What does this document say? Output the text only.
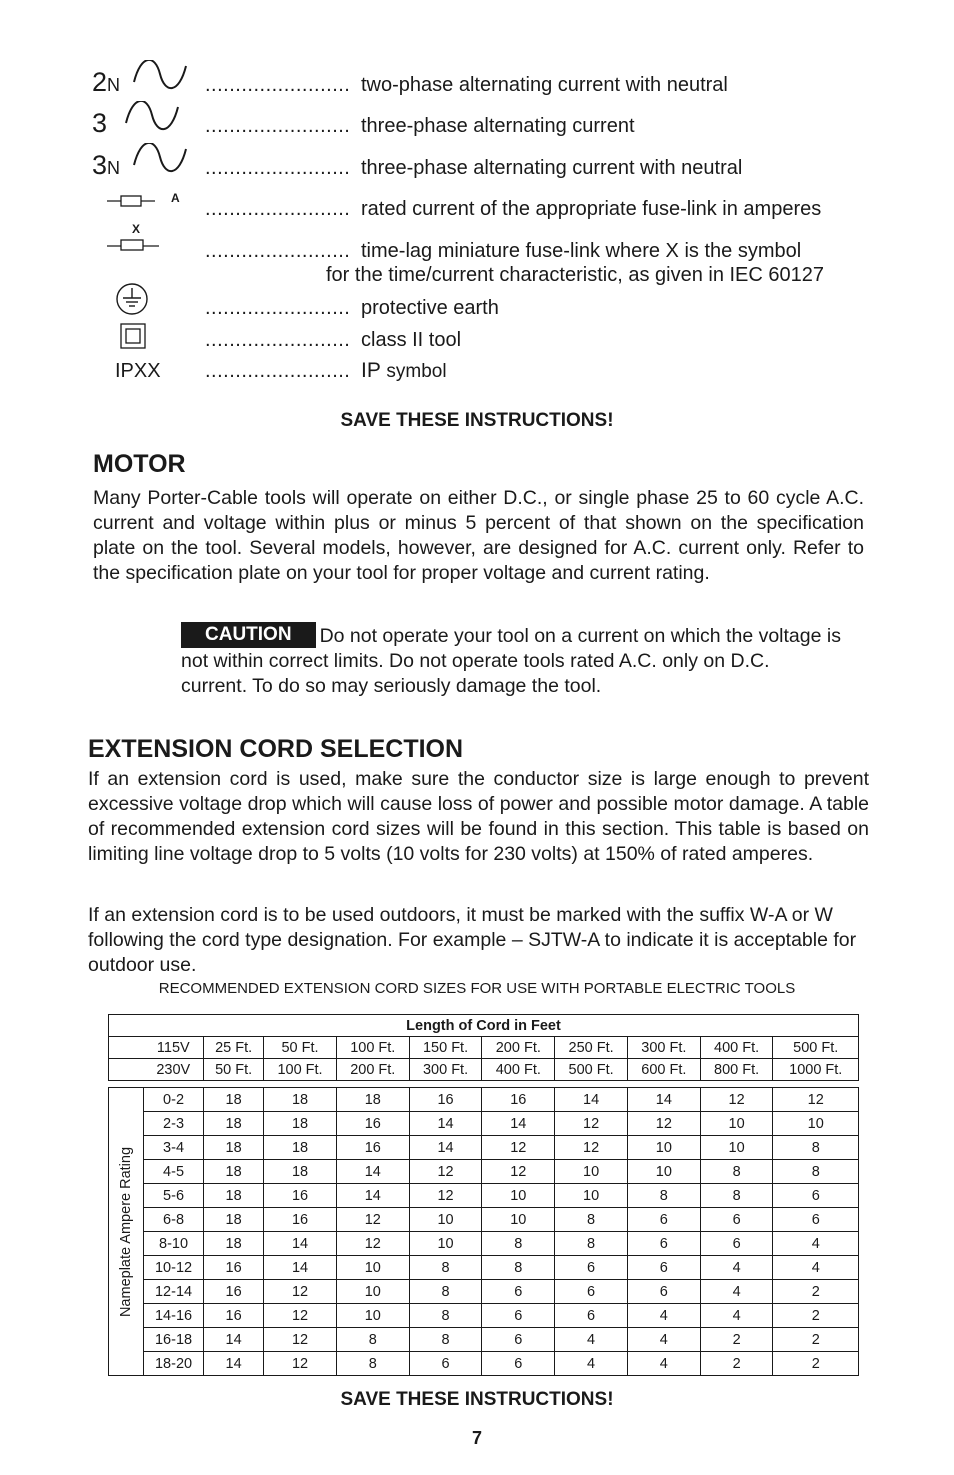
2N	........................ two-phase alternating current with neutral
3	........................ three-phase alternating current
3N	........................ three-phase alternating current with neutral
A ........................ rated current of the appropriate fuse-link in amperes
X
........................ time-lag miniature fuse-link where X is the symbol
for the time/current characteristic, as given in IEC 60127
........................ protective earth
........................ class II tool
IPXX ........................ IP symbol
SAVE THESE INSTRUCTIONS!
MOTOR

Many Porter-Cable tools will operate on either D.C., or single phase 25 to 60 cycle A.C. current and voltage within plus or minus 5 percent of that shown on the specification plate on the tool. Several models, however, are designed for A.C. current only. Refer to the specification plate on your tool for proper voltage and current rating.

CAUTION Do not operate your tool on a current on which the voltage is not within correct limits. Do not operate tools rated A.C. only on D.C. current. To do so may seriously damage the tool.
EXTENSION CORD SELECTION

If an extension cord is used, make sure the conductor size is large enough to prevent excessive voltage drop which will cause loss of power and possible motor damage. A table of recommended extension cord sizes will be found in this section. This table is based on limiting line voltage drop to 5 volts (10 volts for 230 volts) at 150% of rated amperes.

If an extension cord is to be used outdoors, it must be marked with the suffix W-A or W following the cord type designation. For example – SJTW-A to indicate it is acceptable for outdoor use.

RECOMMENDED EXTENSION CORD SIZES FOR USE WITH PORTABLE ELECTRIC TOOLS
Length of Cord in Feet										
	115V	25 Ft.	50 Ft.	100 Ft.	150 Ft.	200 Ft.	250 Ft.	300 Ft.	400 Ft.	500 Ft.
	230V	50 Ft.	100 Ft.	200 Ft.	300 Ft.	400 Ft.	500 Ft.	600 Ft.	800 Ft.	1000 Ft.

Nameplate Ampere Rating	0-2	18	18	18	16	16	14	14	12	12
	2-3	18	18	16	14	14	12	12	10	10
	3-4	18	18	16	14	12	12	10	10	8
	4-5	18	18	14	12	12	10	10	8	8
	5-6	18	16	14	12	10	10	8	8	6
	6-8	18	16	12	10	10	8	6	6	6
	8-10	18	14	12	10	8	8	6	6	4
	10-12	16	14	10	8	8	6	6	4	4
	12-14	16	12	10	8	6	6	6	4	2
	14-16	16	12	10	8	6	6	4	4	2
	16-18	14	12	8	8	6	4	4	2	2
	18-20	14	12	8	6	6	4	4	2	2
SAVE THESE INSTRUCTIONS!
7
